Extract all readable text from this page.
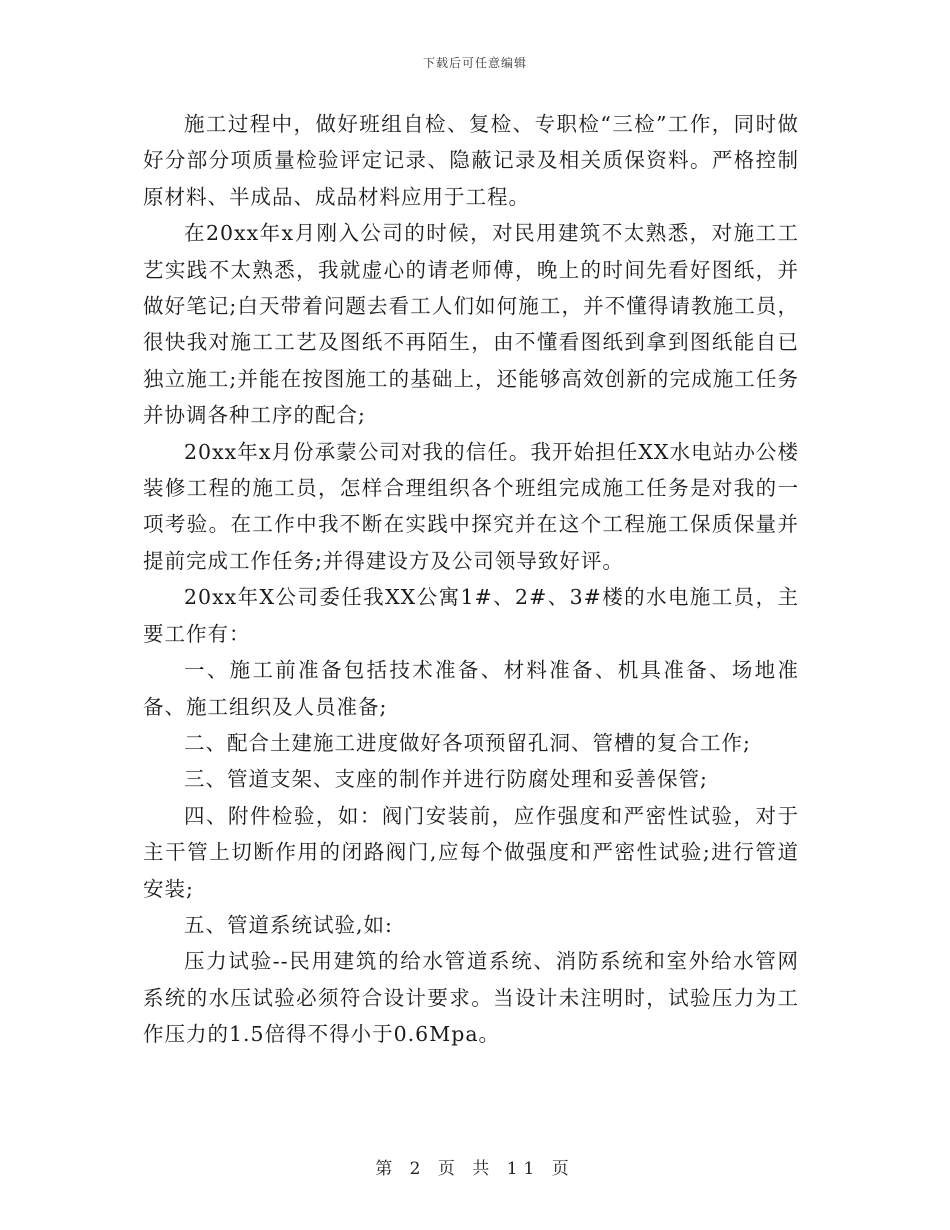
下载后可任意编辑

施工过程中，做好班组自检、复检、专职检“三检”工作，同时做好分部分项质量检验评定记录、隐蔽记录及相关质保资料。严格控制原材料、半成品、成品材料应用于工程。

在20xx年x月刚入公司的时候，对民用建筑不太熟悉，对施工工艺实践不太熟悉，我就虚心的请老师傅，晚上的时间先看好图纸，并做好笔记;白天带着问题去看工人们如何施工，并不懂得请教施工员，很快我对施工工艺及图纸不再陌生，由不懂看图纸到拿到图纸能自已独立施工;并能在按图施工的基础上，还能够高效创新的完成施工任务并协调各种工序的配合;

20xx年x月份承蒙公司对我的信任。我开始担任XX水电站办公楼装修工程的施工员，怎样合理组织各个班组完成施工任务是对我的一项考验。在工作中我不断在实践中探究并在这个工程施工保质保量并提前完成工作任务;并得建设方及公司领导致好评。

20xx年X公司委任我XX公寓1#、2#、3#楼的水电施工员，主要工作有：

一、施工前准备包括技术准备、材料准备、机具准备、场地准备、施工组织及人员准备;

二、配合土建施工进度做好各项预留孔洞、管槽的复合工作;

三、管道支架、支座的制作并进行防腐处理和妥善保管;

四、附件检验，如：阀门安装前，应作强度和严密性试验，对于主干管上切断作用的闭路阀门,应每个做强度和严密性试验;进行管道安装;

五、管道系统试验,如:

压力试验--民用建筑的给水管道系统、消防系统和室外给水管网系统的水压试验必须符合设计要求。当设计未注明时，试验压力为工作压力的1.5倍得不得小于0.6Mpa。

第 2 页 共 11 页
